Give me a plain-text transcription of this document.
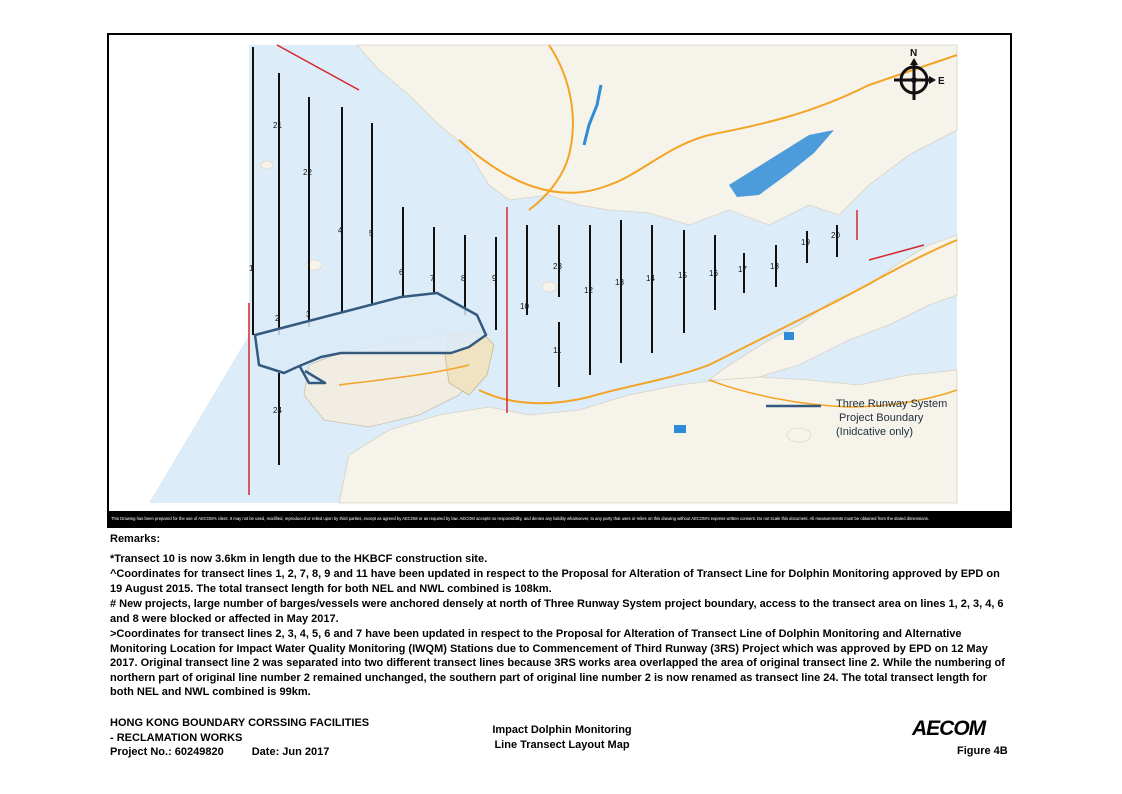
1
2	3
4	5
6
7	8	9
10
11
12
13	14	15	16	17	18
19
20
21
22
23
24
N
E
Three Runway System
Project Boundary
(Inidcative only)
This Drawing has been prepared for the use of AECOM's client. It may not be used, modified, reproduced or relied upon by third parties, except as agreed by AECOM or as required by law. AECOM accepts no responsibility, and denies any liability whatsoever, to any party that uses or relies on this drawing without AECOM's express written consent. Do not scale this document. All measurements must be obtained from the stated dimensions.

Remarks:

*Transect 10 is now 3.6km in length due to the HKBCF construction site.

^Coordinates for transect lines 1, 2, 7, 8, 9 and 11 have been updated in respect to the Proposal for Alteration of Transect Line for Dolphin Monitoring approved by EPD on 19 August 2015. The total transect length for both NEL and NWL combined is 108km.

# New projects, large number of barges/vessels were anchored densely at north of Three Runway System project boundary, access to the transect area on lines 1, 2, 3, 4, 6 and 8 were blocked or affected in May 2017.

>Coordinates for transect lines 2, 3, 4, 5, 6 and 7 have been updated in respect to the Proposal for Alteration of Transect Line of Dolphin Monitoring and Alternative Monitoring Location for Impact Water Quality Monitoring (IWQM) Stations due to Commencement of Third Runway (3RS) Project which was approved by EPD on 12 May 2017. Original transect line 2 was separated into two different transect lines because 3RS works area overlapped the area of original transect line 2. While the numbering of northern part of original line number 2 remained unchanged, the southern part of original line number 2 is now renamed as transect line 24. The total transect length for both NEL and NWL combined is 99km.

HONG KONG BOUNDARY CORSSING FACILITIES
- RECLAMATION WORKS
Project No.: 60249820	Date: Jun 2017
Impact Dolphin Monitoring
Line Transect Layout Map
AECOM
Figure 4B
